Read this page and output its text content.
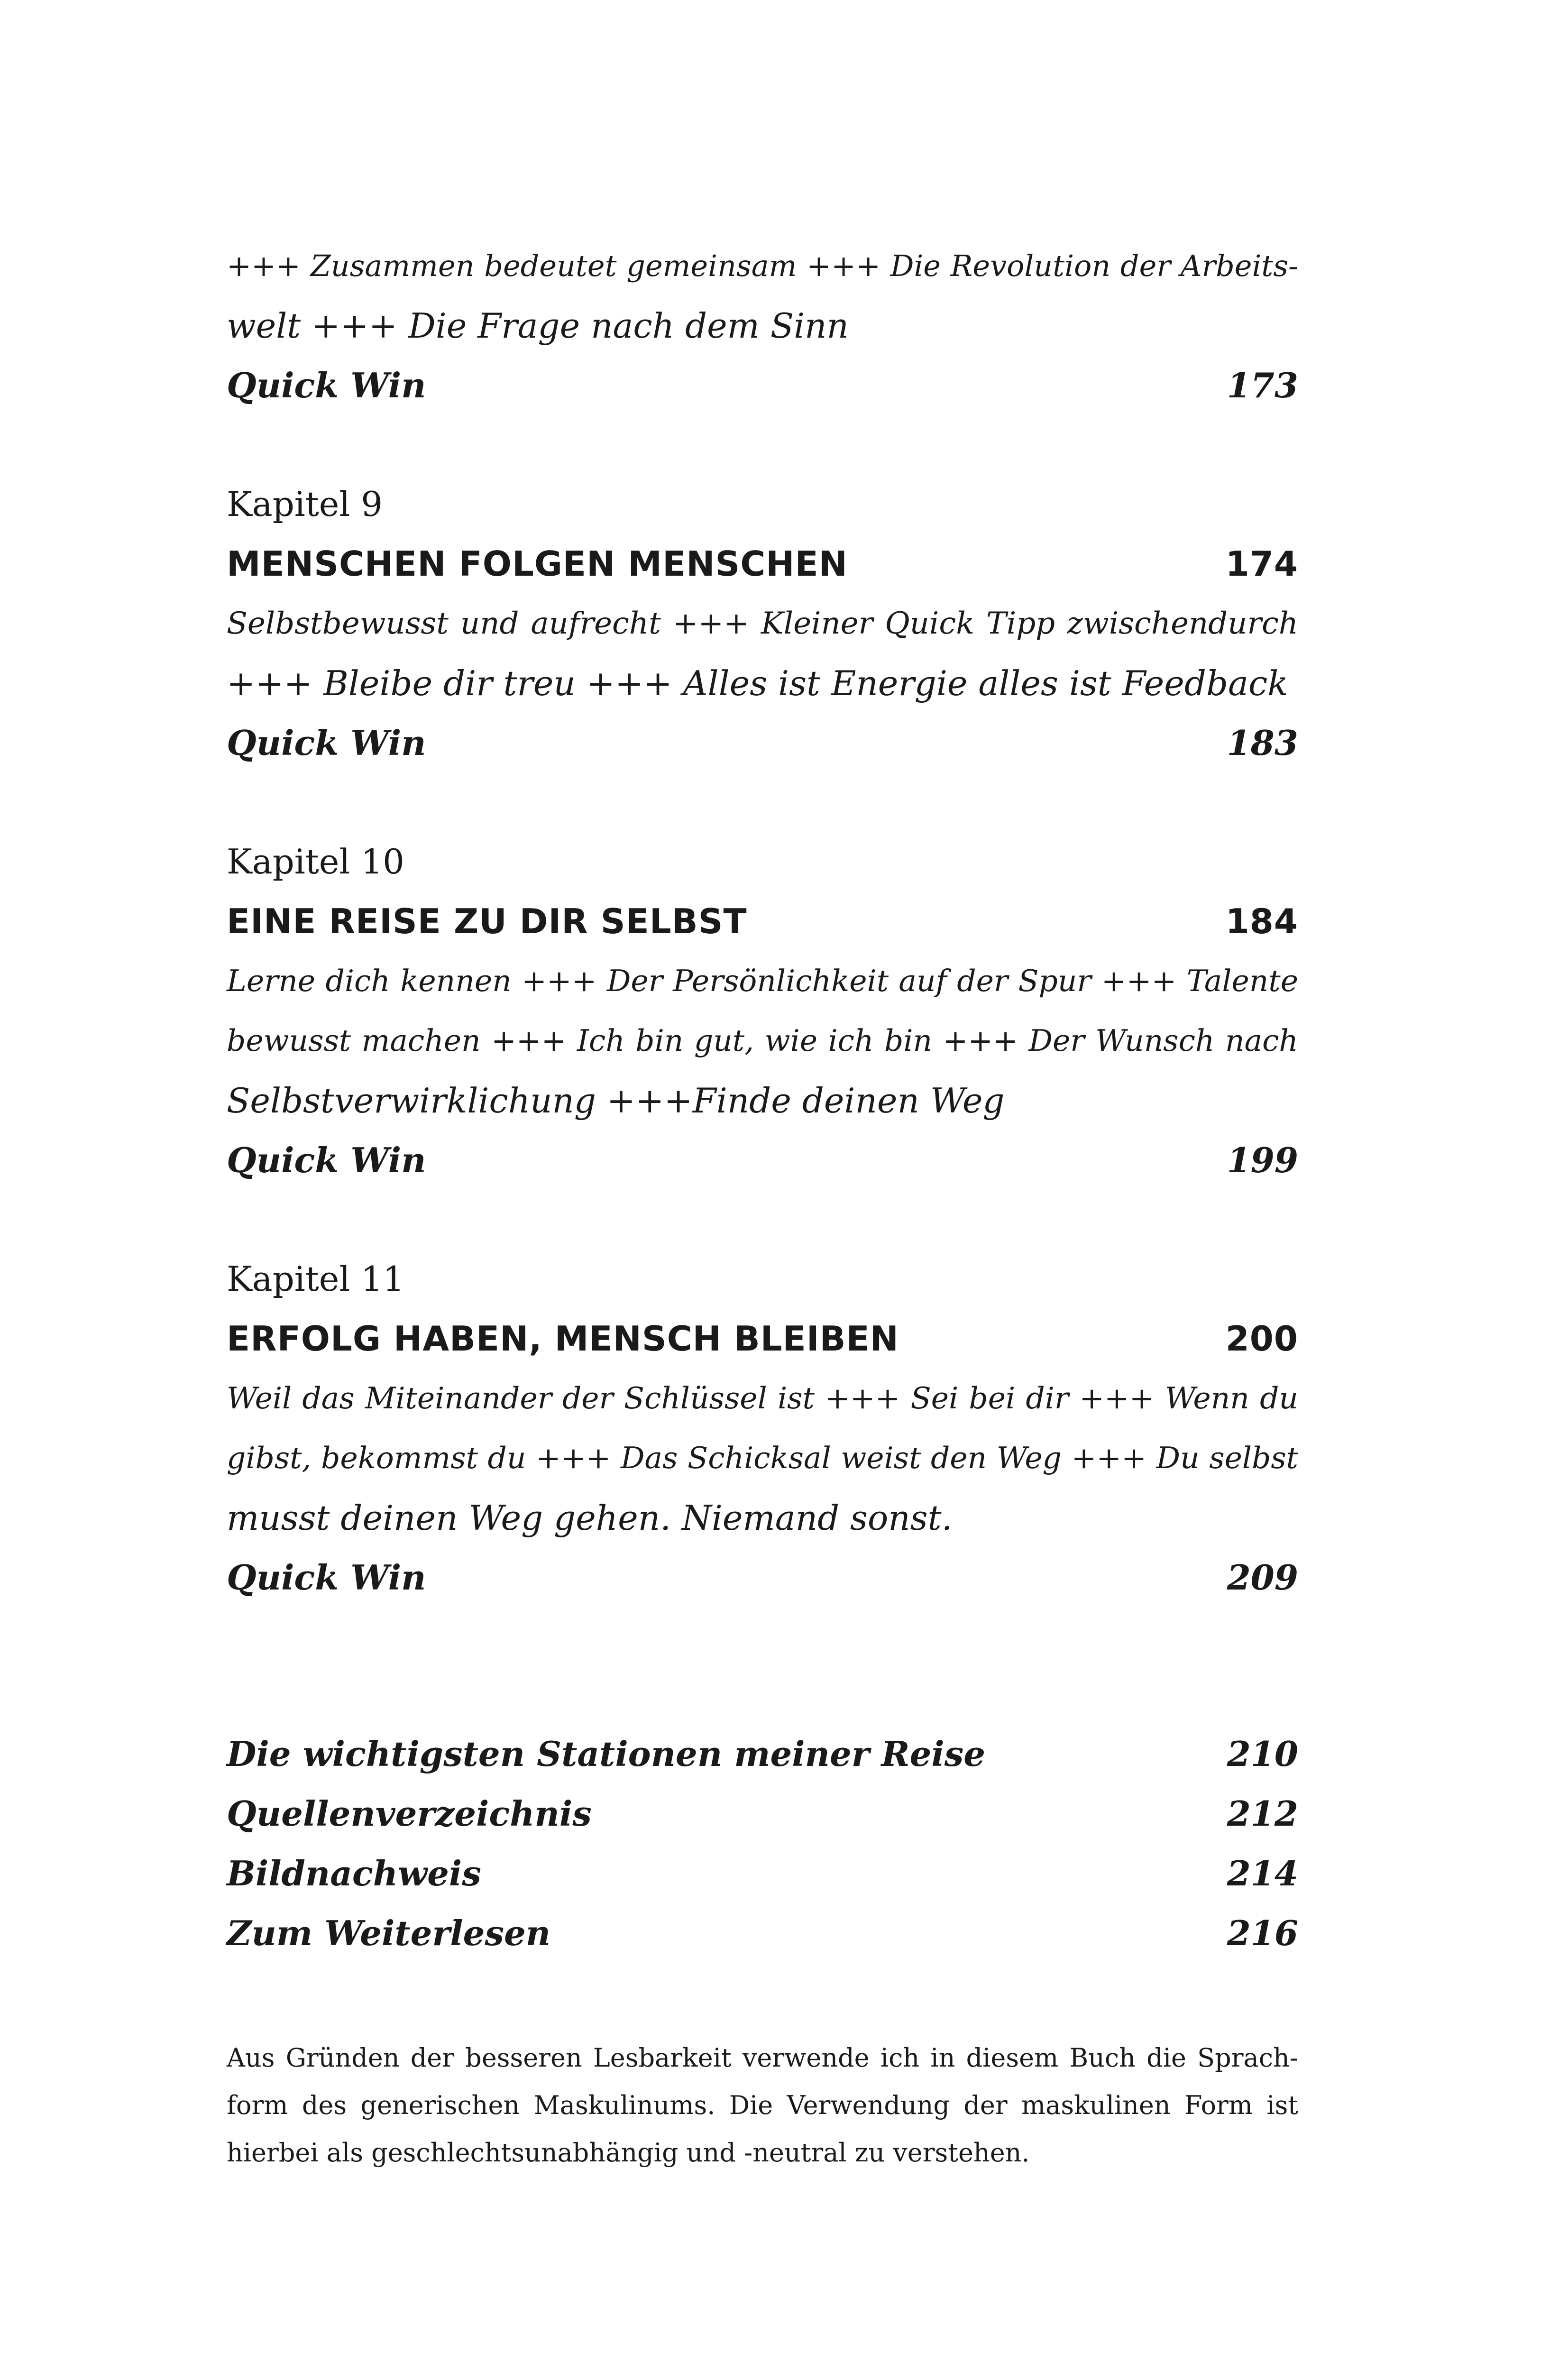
+++ Zusammen bedeutet gemeinsam +++ Die Revolution der Arbeits-
welt +++ Die Frage nach dem Sinn
Quick Win	173
Kapitel 9
MENSCHEN FOLGEN MENSCHEN	174
Selbstbewusst und aufrecht +++ Kleiner Quick Tipp zwischendurch
+++ Bleibe dir treu +++ Alles ist Energie alles ist Feedback
Quick Win	183
Kapitel 10
EINE REISE ZU DIR SELBST	184
Lerne dich kennen +++ Der Persönlichkeit auf der Spur +++ Talente
bewusst machen +++ Ich bin gut, wie ich bin +++ Der Wunsch nach
Selbstverwirklichung +++Finde deinen Weg
Quick Win	199
Kapitel 11
ERFOLG HABEN, MENSCH BLEIBEN	200
Weil das Miteinander der Schlüssel ist +++ Sei bei dir +++ Wenn du
gibst, bekommst du +++ Das Schicksal weist den Weg +++ Du selbst
musst deinen Weg gehen. Niemand sonst.
Quick Win	209
Die wichtigsten Stationen meiner Reise	210
Quellenverzeichnis	212
Bildnachweis	214
Zum Weiterlesen	216
Aus Gründen der besseren Lesbarkeit verwende ich in diesem Buch die Sprach-
form des generischen Maskulinums. Die Verwendung der maskulinen Form ist
hierbei als geschlechtsunabhängig und -neutral zu verstehen.
